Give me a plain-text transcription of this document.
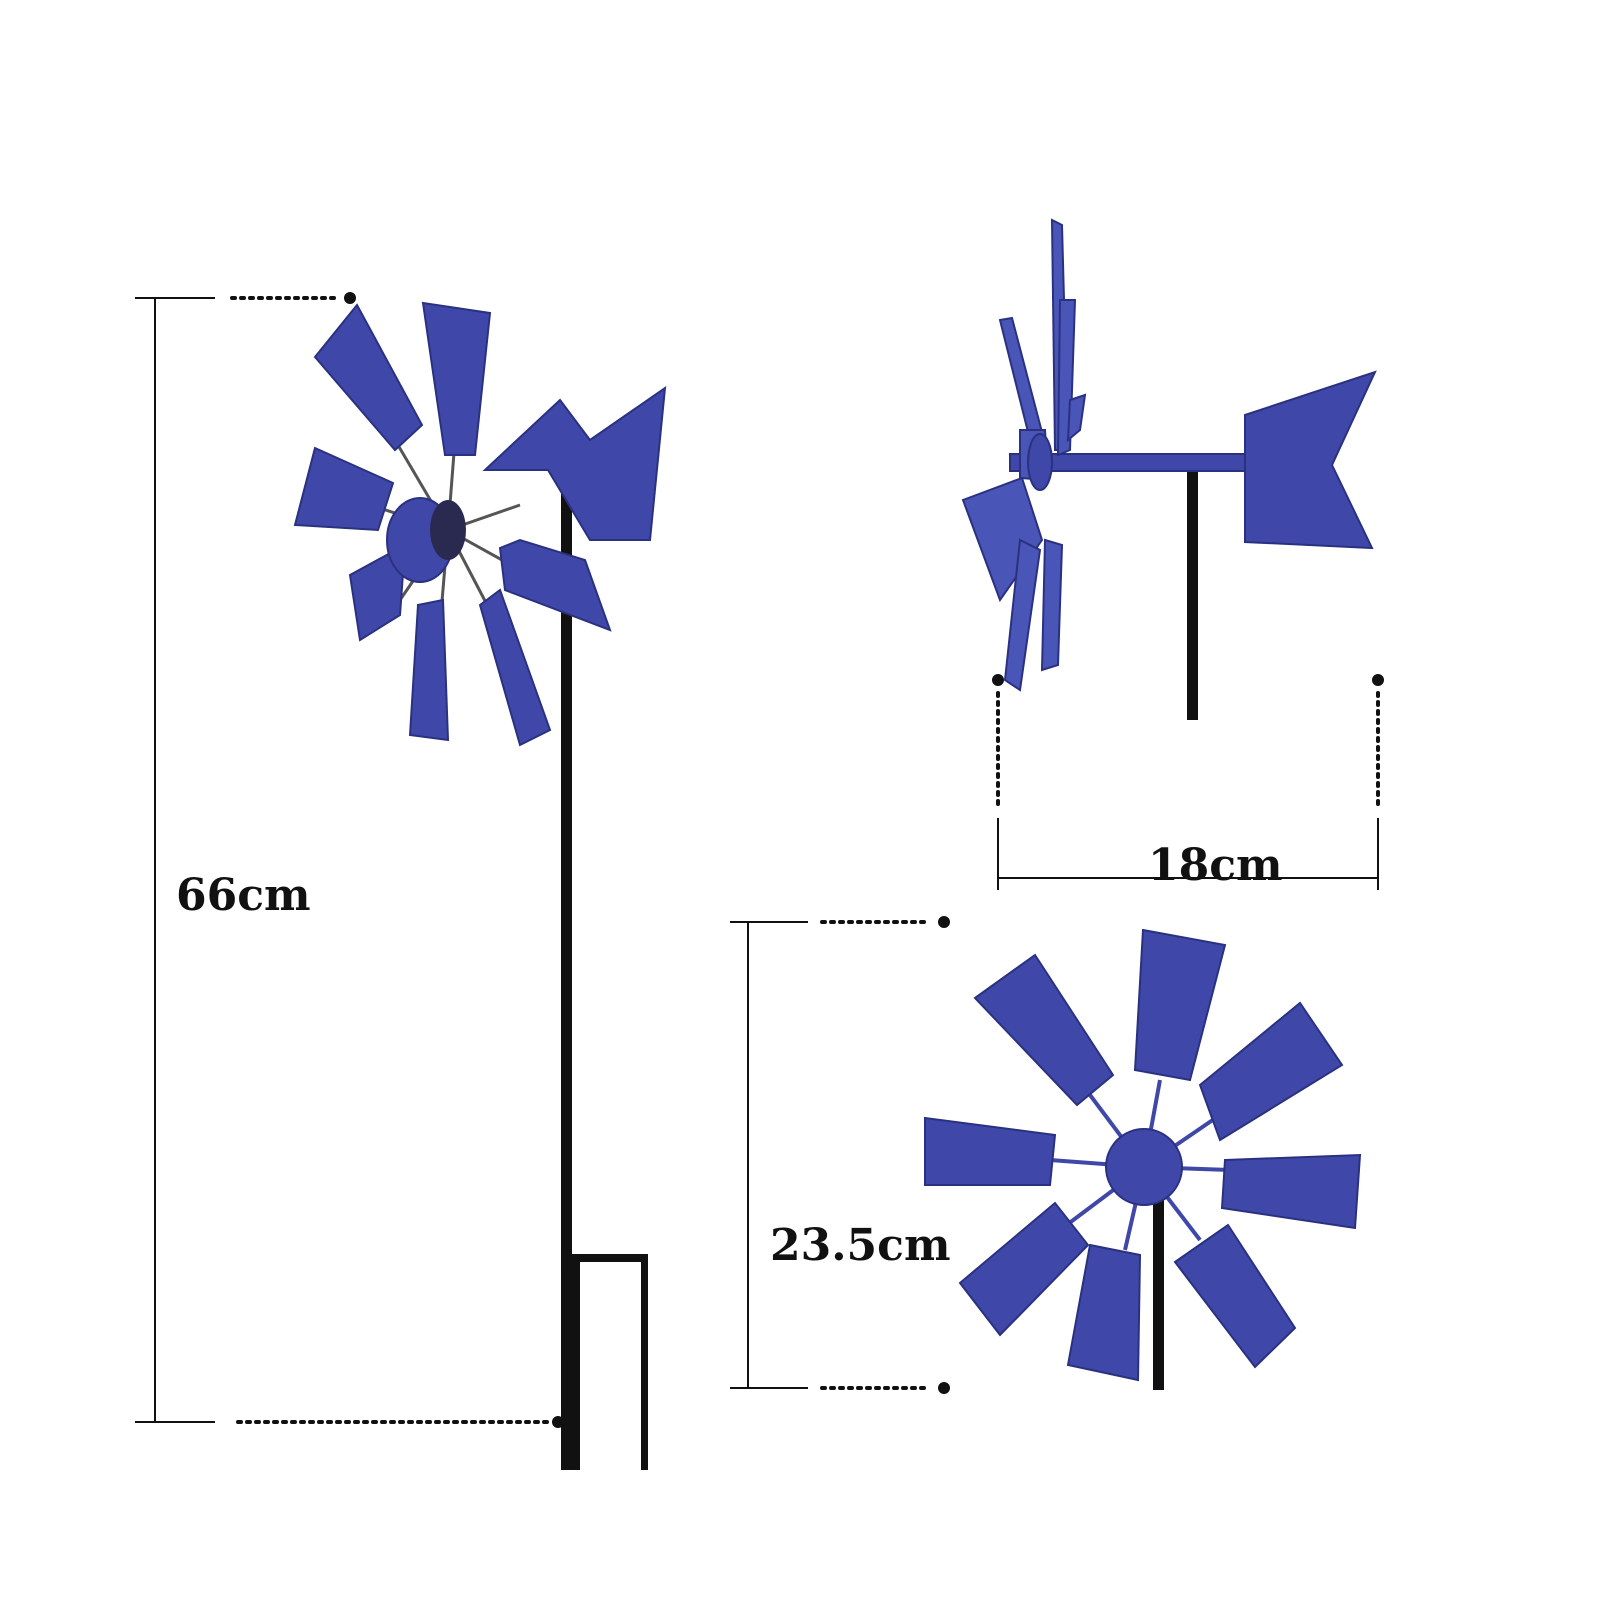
66cm
18cm
23.5cm
